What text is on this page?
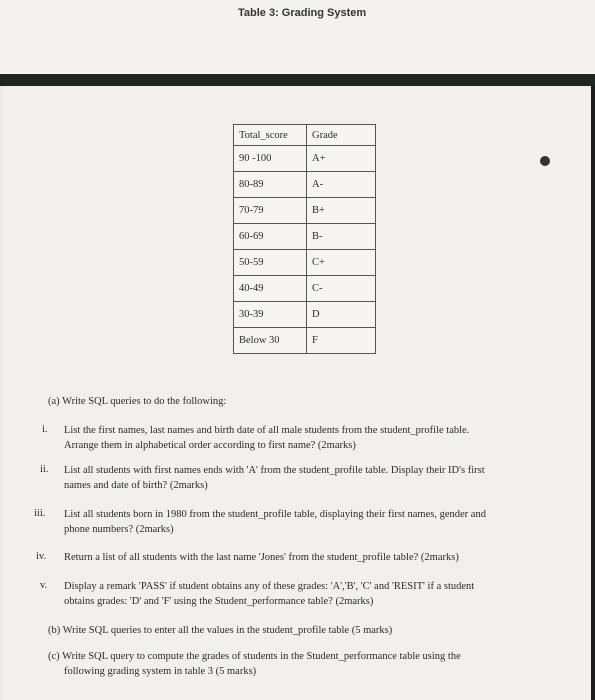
Table 3: Grading System
Total_score	Grade
90 -100	A+
80-89	A-
70-79	B+
60-69	B-
50-59	C+
40-49	C-
30-39	D
Below 30	F
(a) Write SQL queries to do the following:
i. List the first names, last names and birth date of all male students from the student_profile table.
Arrange them in alphabetical order according to first name? (2marks)
ii. List all students with first names ends with 'A' from the student_profile table. Display their ID's first
names and date of birth? (2marks)
iii. List all students born in 1980 from the student_profile table, displaying their first names, gender and
phone numbers? (2marks)
iv. Return a list of all students with the last name 'Jones' from the student_profile table? (2marks)
v. Display a remark 'PASS' if student obtains any of these grades: 'A','B', 'C' and 'RESIT' if a student
obtains grades: 'D' and 'F' using the Student_performance table? (2marks)
(b) Write SQL queries to enter all the values in the student_profile table (5 marks)
(c) Write SQL query to compute the grades of students in the Student_performance table using the
following grading system in table 3 (5 marks)
